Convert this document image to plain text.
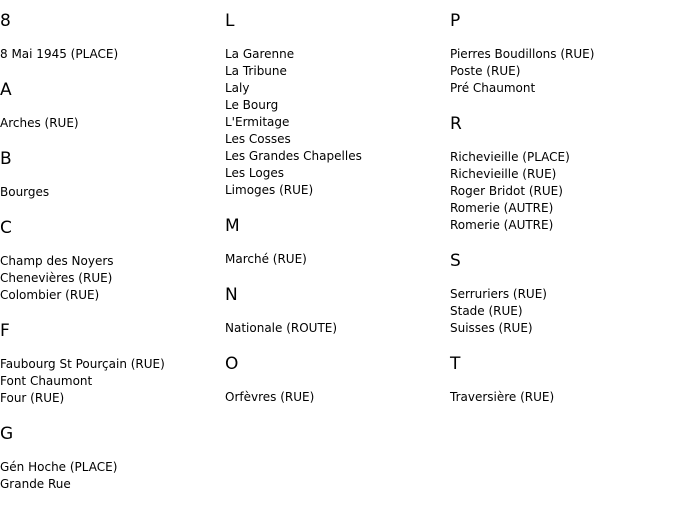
8
8 Mai 1945 (PLACE)
A
Arches (RUE)
B
Bourges
C
Champ des Noyers
Chenevières (RUE)
Colombier (RUE)
F
Faubourg St Pourçain (RUE)
Font Chaumont
Four (RUE)
G
Gén Hoche (PLACE)
Grande Rue
L
La Garenne
La Tribune
Laly
Le Bourg
L'Ermitage
Les Cosses
Les Grandes Chapelles
Les Loges
Limoges (RUE)
M
Marché (RUE)
N
Nationale (ROUTE)
O
Orfèvres (RUE)
P
Pierres Boudillons (RUE)
Poste (RUE)
Pré Chaumont
R
Richevieille (PLACE)
Richevieille (RUE)
Roger Bridot (RUE)
Romerie (AUTRE)
Romerie (AUTRE)
S
Serruriers (RUE)
Stade (RUE)
Suisses (RUE)
T
Traversière (RUE)
